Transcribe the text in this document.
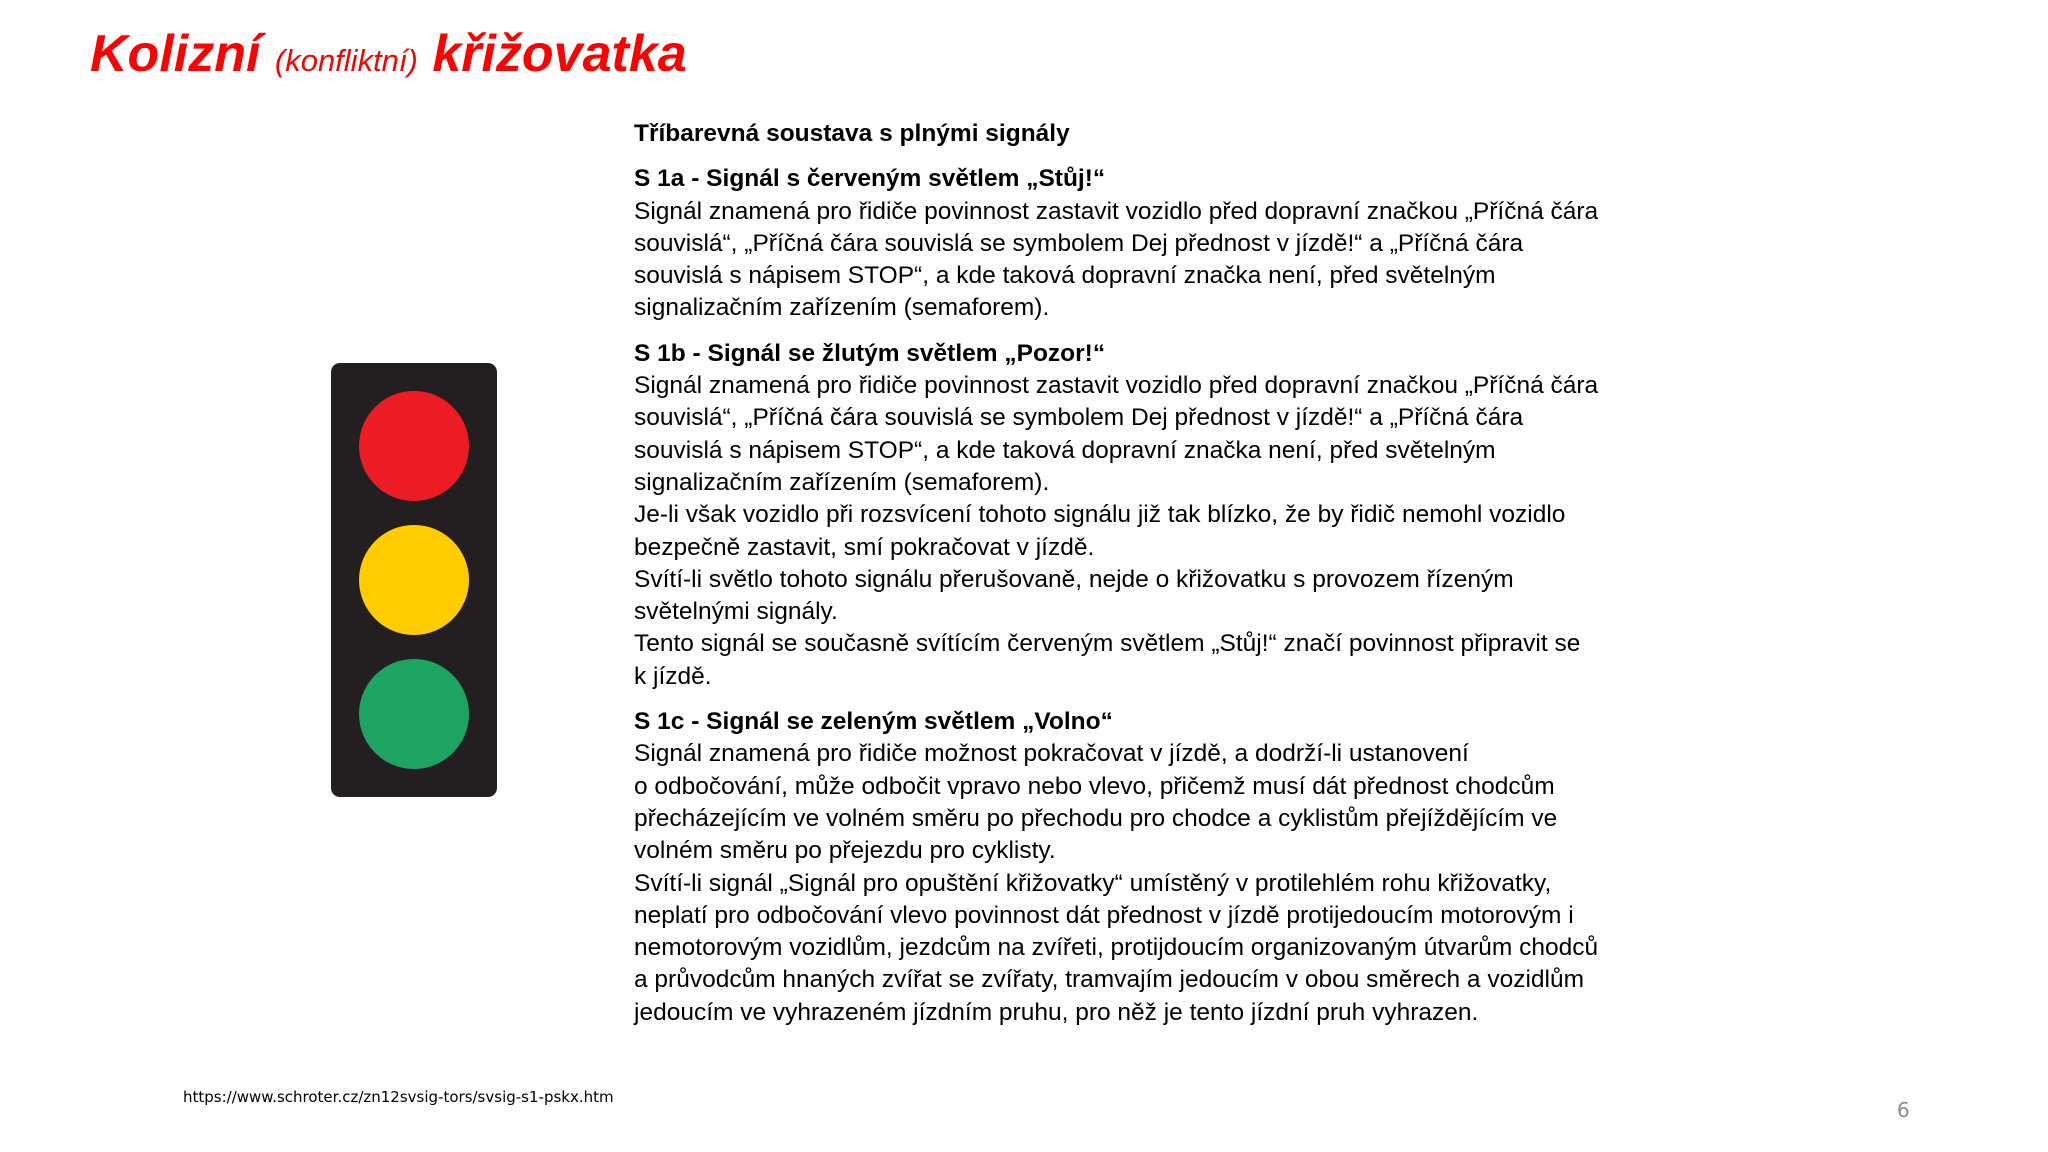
Kolizní (konfliktní) křižovatka

Tříbarevná soustava s plnými signály

S 1a - Signál s červeným světlem „Stůj!“

Signál znamená pro řidiče povinnost zastavit vozidlo před dopravní značkou „Příčná čára

souvislá“, „Příčná čára souvislá se symbolem Dej přednost v jízdě!“ a „Příčná čára

souvislá s nápisem STOP“, a kde taková dopravní značka není, před světelným

signalizačním zařízením (semaforem).

S 1b - Signál se žlutým světlem „Pozor!“

Signál znamená pro řidiče povinnost zastavit vozidlo před dopravní značkou „Příčná čára

souvislá“, „Příčná čára souvislá se symbolem Dej přednost v jízdě!“ a „Příčná čára

souvislá s nápisem STOP“, a kde taková dopravní značka není, před světelným

signalizačním zařízením (semaforem).

Je-li však vozidlo při rozsvícení tohoto signálu již tak blízko, že by řidič nemohl vozidlo

bezpečně zastavit, smí pokračovat v jízdě.

Svítí-li světlo tohoto signálu přerušovaně, nejde o křižovatku s provozem řízeným

světelnými signály.

Tento signál se současně svítícím červeným světlem „Stůj!“ značí povinnost připravit se

k jízdě.

S 1c - Signál se zeleným světlem „Volno“

Signál znamená pro řidiče možnost pokračovat v jízdě, a dodrží-li ustanovení

o odbočování, může odbočit vpravo nebo vlevo, přičemž musí dát přednost chodcům

přecházejícím ve volném směru po přechodu pro chodce a cyklistům přejíždějícím ve

volném směru po přejezdu pro cyklisty.

Svítí-li signál „Signál pro opuštění křižovatky“ umístěný v protilehlém rohu křižovatky,

neplatí pro odbočování vlevo povinnost dát přednost v jízdě protijedoucím motorovým i

nemotorovým vozidlům, jezdcům na zvířeti, protijdoucím organizovaným útvarům chodců

a průvodcům hnaných zvířat se zvířaty, tramvajím jedoucím v obou směrech a vozidlům

jedoucím ve vyhrazeném jízdním pruhu, pro něž je tento jízdní pruh vyhrazen.

https://www.schroter.cz/zn12svsig-tors/svsig-s1-pskx.htm
6
